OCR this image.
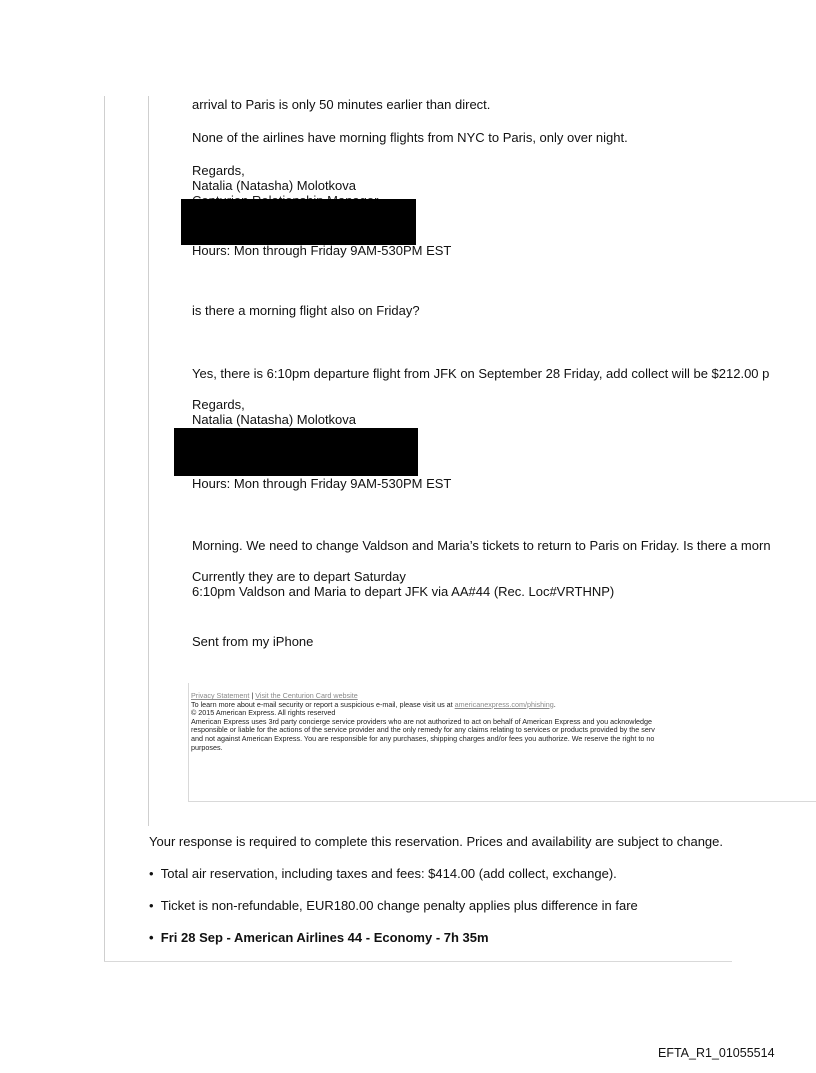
arrival to Paris is only 50 minutes earlier than direct.
None of the airlines have morning flights from NYC to Paris, only over night.
Regards,
Natalia (Natasha) Molotkova
Hours: Mon through Friday 9AM-530PM EST
is there a morning flight also on Friday?
Yes, there is 6:10pm departure flight from JFK on September 28 Friday, add collect will be $212.00 p
Regards,
Natalia (Natasha) Molotkova
Hours: Mon through Friday 9AM-530PM EST
Morning. We need to change Valdson and Maria’s tickets to return to Paris on Friday. Is there a morn
Currently they are to depart Saturday
6:10pm Valdson and Maria to depart JFK via AA#44 (Rec. Loc#VRTHNP)
Sent from my iPhone
Privacy Statement | Visit the Centurion Card website
To learn more about e-mail security or report a suspicious e-mail, please visit us at americanexpress.com/phishing.
© 2015 American Express. All rights reserved
American Express uses 3rd party concierge service providers who are not authorized to act on behalf of American Express and you acknowledge
responsible or liable for the actions of the service provider and the only remedy for any claims relating to services or products provided by the serv
and not against American Express. You are responsible for any purchases, shipping charges and/or fees you authorize. We reserve the right to no
purposes.
Your response is required to complete this reservation. Prices and availability are subject to change.
• Total air reservation, including taxes and fees: $414.00 (add collect, exchange).
• Ticket is non-refundable, EUR180.00 change penalty applies plus difference in fare
• Fri 28 Sep - American Airlines 44 - Economy - 7h 35m
EFTA_R1_01055514
